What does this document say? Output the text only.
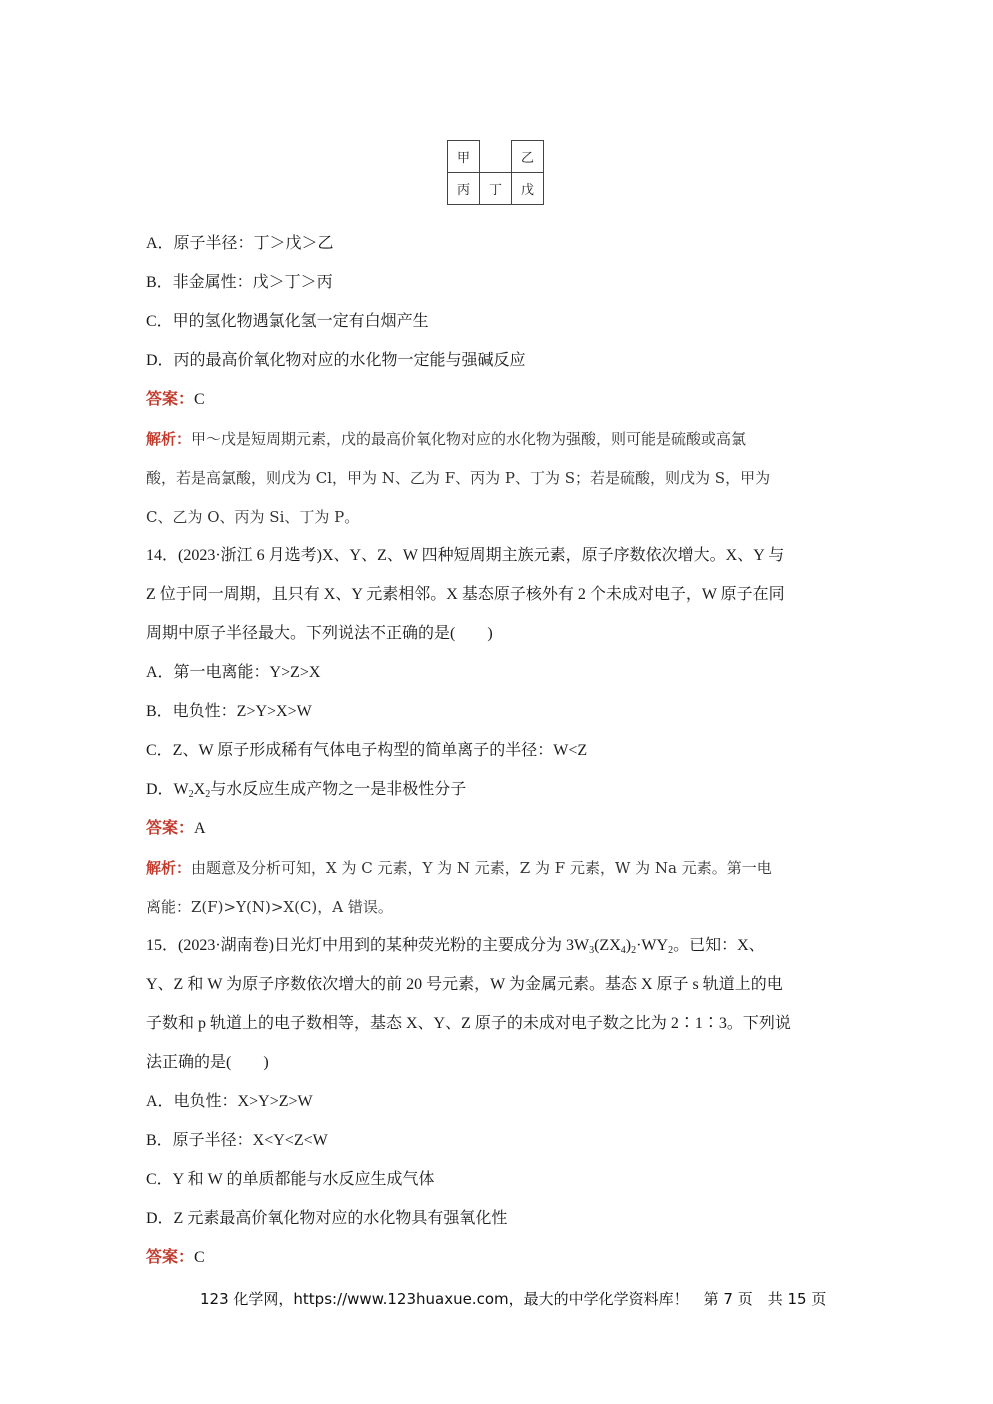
甲		乙
丙	丁	戊
A．原子半径：丁＞戊＞乙
B．非金属性：戊＞丁＞丙
C．甲的氢化物遇氯化氢一定有白烟产生
D．丙的最高价氧化物对应的水化物一定能与强碱反应
答案：C
解析：甲～戊是短周期元素，戊的最高价氧化物对应的水化物为强酸，则可能是硫酸或高氯
酸，若是高氯酸，则戊为 Cl，甲为 N、乙为 F、丙为 P、丁为 S；若是硫酸，则戊为 S，甲为
C、乙为 O、丙为 Si、丁为 P。
14．(2023·浙江 6 月选考)X、Y、Z、W 四种短周期主族元素，原子序数依次增大。X、Y 与
Z 位于同一周期，且只有 X、Y 元素相邻。X 基态原子核外有 2 个未成对电子，W 原子在同
周期中原子半径最大。下列说法不正确的是(　　)
A．第一电离能：Y>Z>X
B．电负性：Z>Y>X>W
C．Z、W 原子形成稀有气体电子构型的简单离子的半径：W<Z
D．$W_2X_2$与水反应生成产物之一是非极性分子
答案：A
解析：由题意及分析可知，X 为 C 元素，Y 为 N 元素，Z 为 F 元素，W 为 Na 元素。第一电
离能：Z(F)>Y(N)>X(C)，A 错误。
15．(2023·湖南卷)日光灯中用到的某种荧光粉的主要成分为 $3W_3(ZX_4)_2\cdot WY_2$。已知：X、
Y、Z 和 W 为原子序数依次增大的前 20 号元素，W 为金属元素。基态 X 原子 s 轨道上的电
子数和 p 轨道上的电子数相等，基态 X、Y、Z 原子的未成对电子数之比为 2∶1∶3。下列说
法正确的是(　　)
A．电负性：X>Y>Z>W
B．原子半径：X<Y<Z<W
C．Y 和 W 的单质都能与水反应生成气体
D．Z 元素最高价氧化物对应的水化物具有强氧化性
答案：C
123 化学网，https://www.123huaxue.com，最大的中学化学资料库！　第 7 页　共 15 页
